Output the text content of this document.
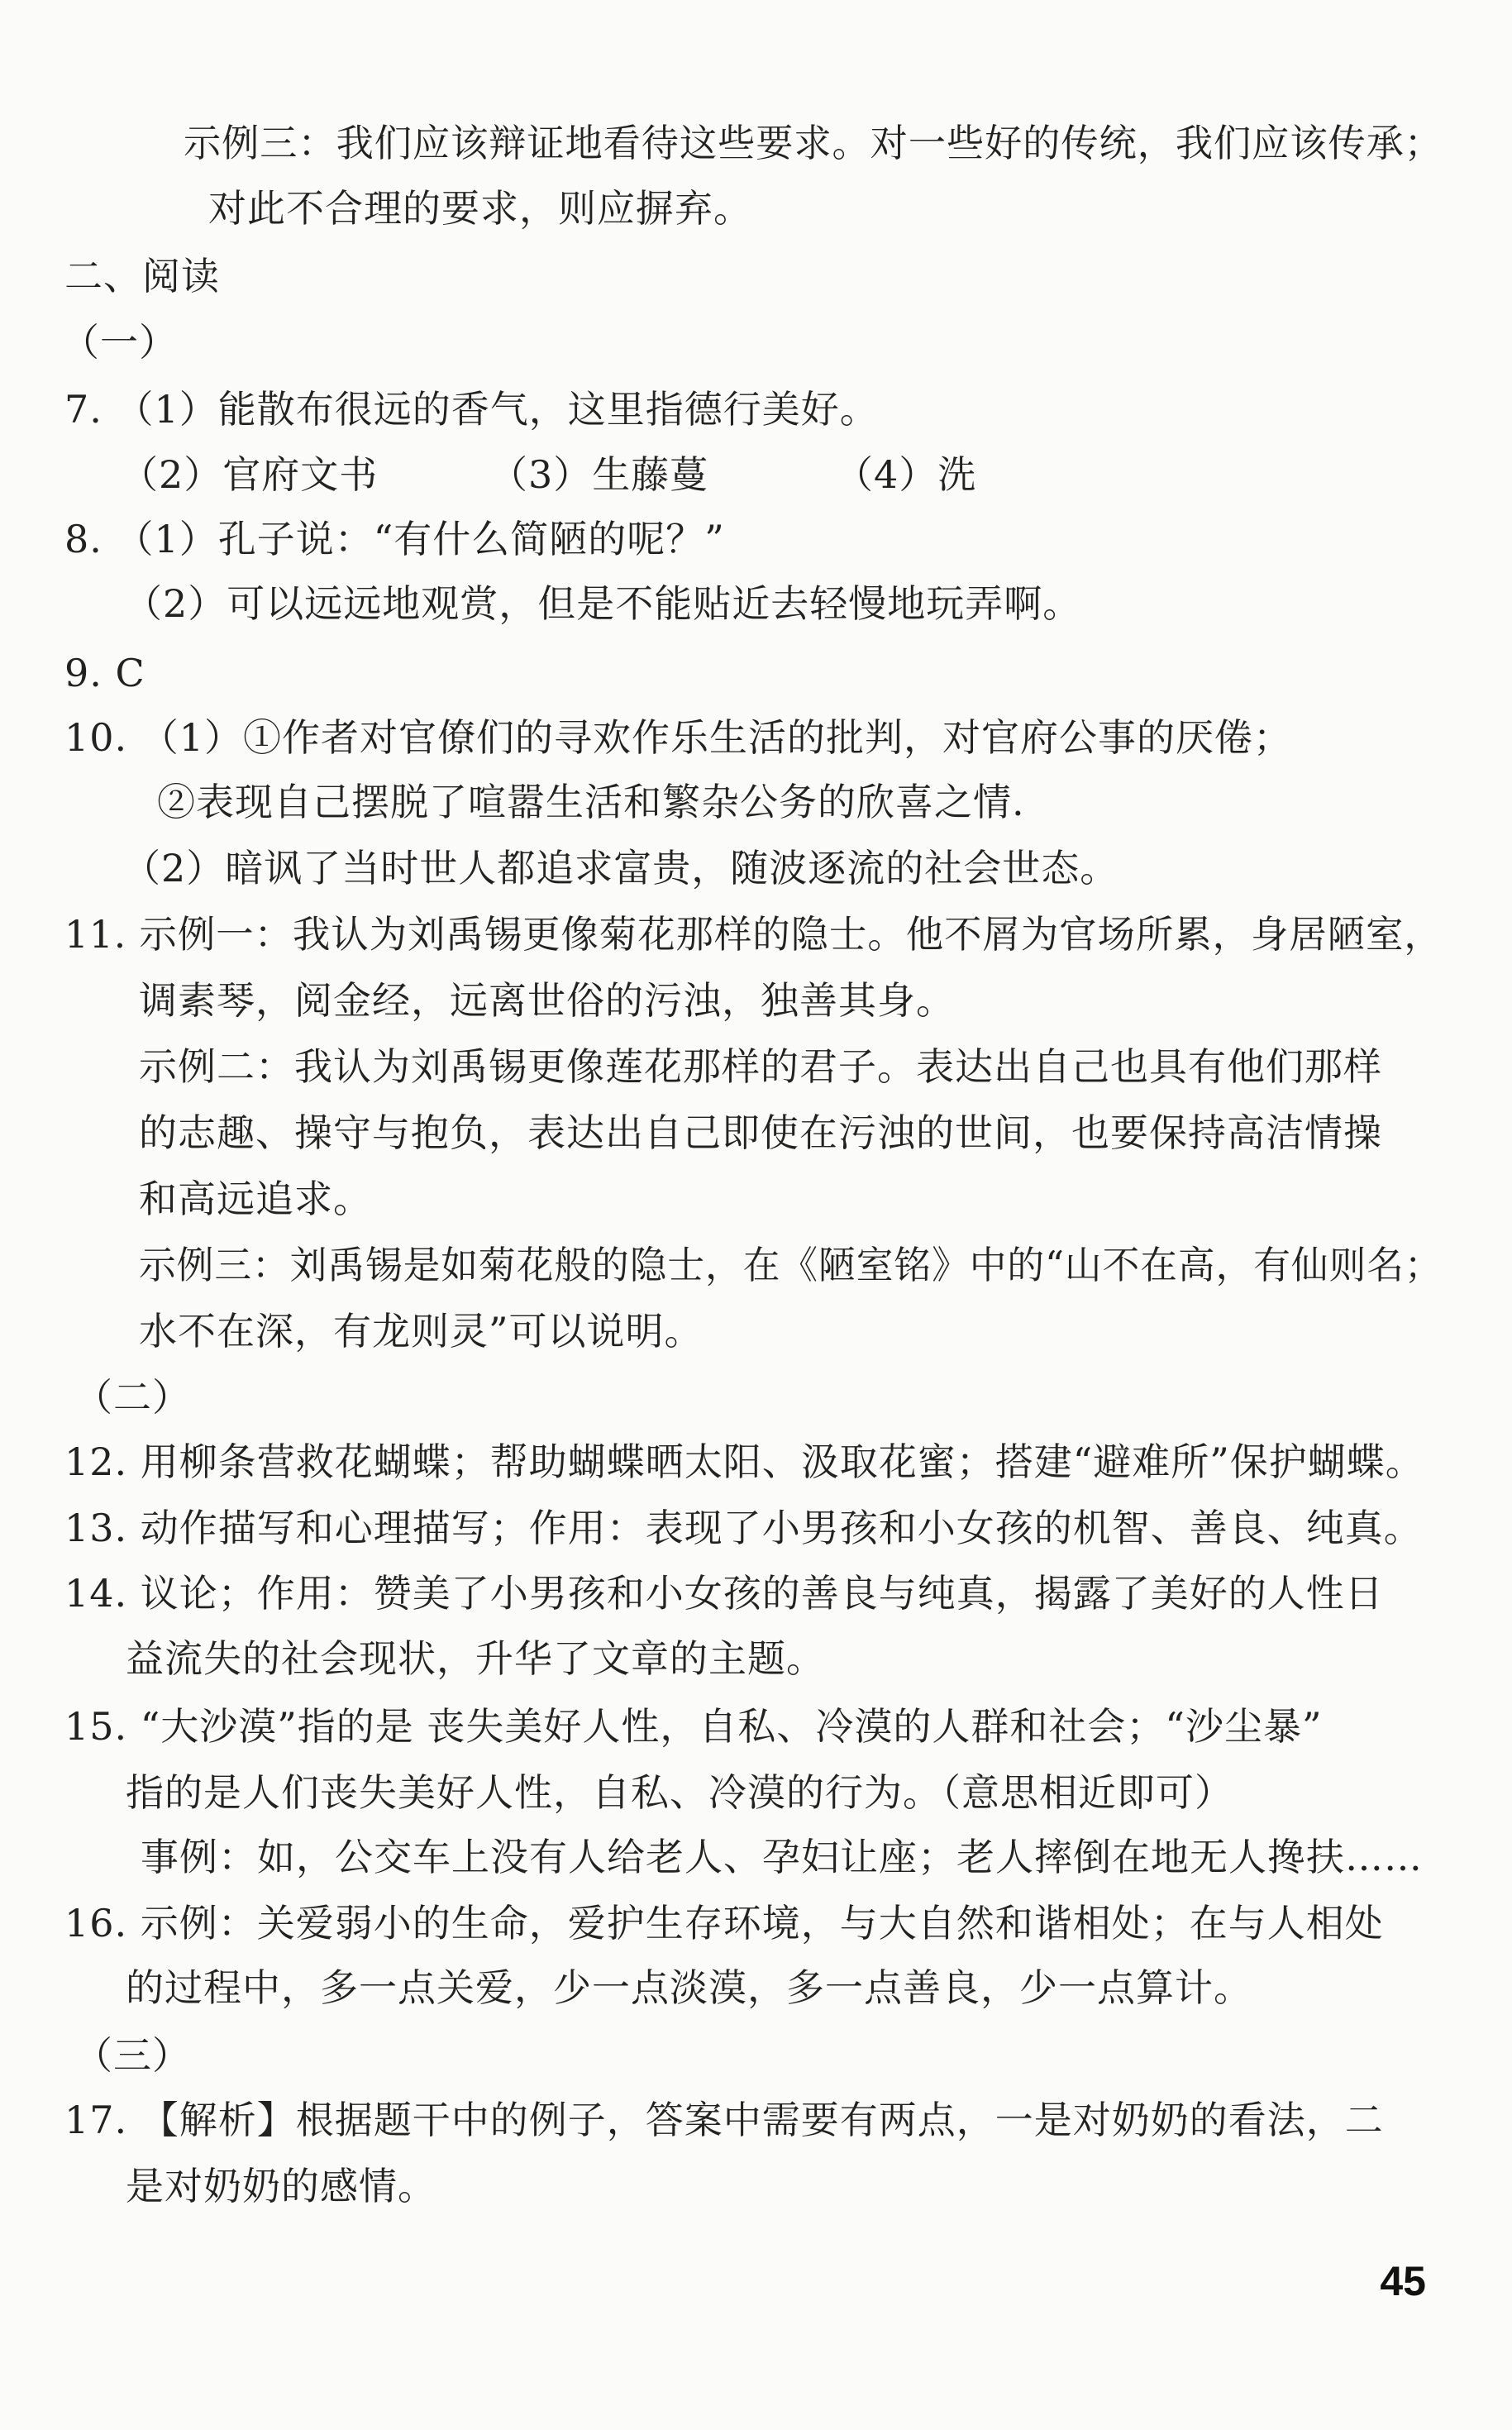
示例三：我们应该辩证地看待这些要求。对一些好的传统，我们应该传承；
对此不合理的要求，则应摒弃。
二、阅读
（一）
7. （1）能散布很远的香气，这里指德行美好。
（2）官府文书	（3）生藤蔓	（4）洗
8. （1）孔子说：“有什么简陋的呢？”
（2）可以远远地观赏，但是不能贴近去轻慢地玩弄啊。
9. C
10. （1）①作者对官僚们的寻欢作乐生活的批判，对官府公事的厌倦；
②表现自己摆脱了喧嚣生活和繁杂公务的欣喜之情.
（2）暗讽了当时世人都追求富贵，随波逐流的社会世态。
11. 示例一：我认为刘禹锡更像菊花那样的隐士。他不屑为官场所累，身居陋室，
调素琴，阅金经，远离世俗的污浊，独善其身。
示例二：我认为刘禹锡更像莲花那样的君子。表达出自己也具有他们那样
的志趣、操守与抱负，表达出自己即使在污浊的世间，也要保持高洁情操
和高远追求。
示例三：刘禹锡是如菊花般的隐士，在《陋室铭》中的“山不在高，有仙则名；
水不在深，有龙则灵”可以说明。
（二）
12. 用柳条营救花蝴蝶；帮助蝴蝶晒太阳、汲取花蜜；搭建“避难所”保护蝴蝶。
13. 动作描写和心理描写；作用：表现了小男孩和小女孩的机智、善良、纯真。
14. 议论；作用：赞美了小男孩和小女孩的善良与纯真，揭露了美好的人性日
益流失的社会现状，升华了文章的主题。
15. “大沙漠”指的是 丧失美好人性，自私、冷漠的人群和社会；“沙尘暴”
指的是人们丧失美好人性，自私、冷漠的行为。（意思相近即可）
事例：如，公交车上没有人给老人、孕妇让座；老人摔倒在地无人搀扶……
16. 示例：关爱弱小的生命，爱护生存环境，与大自然和谐相处；在与人相处
的过程中，多一点关爱，少一点淡漠，多一点善良，少一点算计。
（三）
17. 【解析】根据题干中的例子，答案中需要有两点，一是对奶奶的看法，二
是对奶奶的感情。
45
